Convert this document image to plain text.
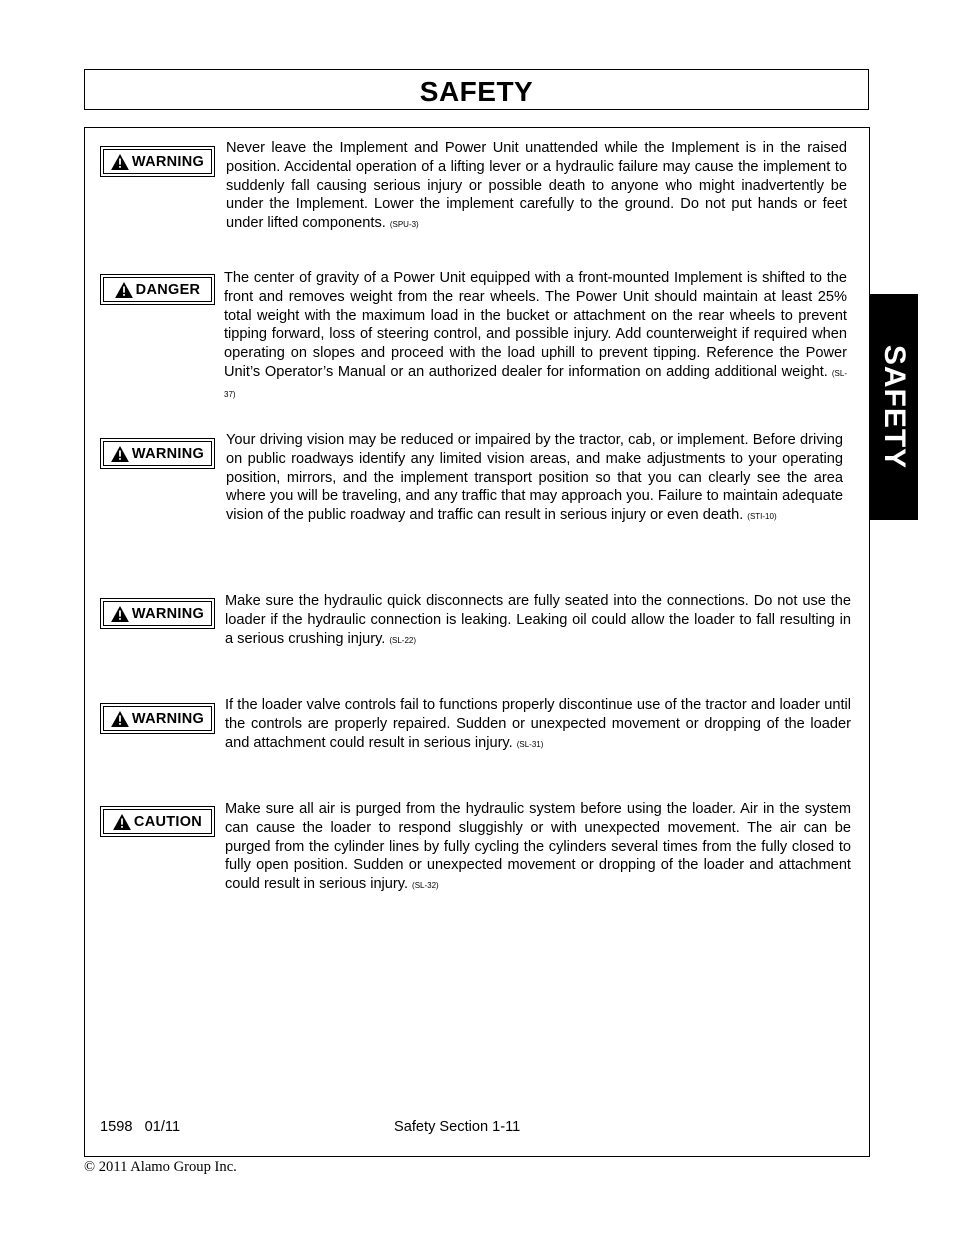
SAFETY
SAFETY
WARNING
Never leave the Implement and Power Unit unattended while the Implement is in the raised position. Accidental operation of a lifting lever or a hydraulic failure may cause the implement to suddenly fall causing serious injury or possible death to anyone who might inadvertently be under the Implement. Lower the implement carefully to the ground. Do not put hands or feet under lifted components. (SPU-3)
DANGER
The center of gravity of a Power Unit equipped with a front-mounted Implement is shifted to the front and removes weight from the rear wheels. The Power Unit should maintain at least 25% total weight with the maximum load in the bucket or attachment on the rear wheels to prevent tipping forward, loss of steering control, and possible injury. Add counterweight if required when operating on slopes and proceed with the load uphill to prevent tipping. Reference the Power Unit’s Operator’s Manual or an authorized dealer for information on adding additional weight. (SL-37)
WARNING
Your driving vision may be reduced or impaired by the tractor, cab, or implement. Before driving on public roadways identify any limited vision areas, and make adjustments to your operating position, mirrors, and the implement transport position so that you can clearly see the area where you will be traveling, and any traffic that may approach you. Failure to maintain adequate vision of the public roadway and traffic can result in serious injury or even death. (STI-10)
WARNING
Make sure the hydraulic quick disconnects are fully seated into the connections. Do not use the loader if the hydraulic connection is leaking. Leaking oil could allow the loader to fall resulting in a serious crushing injury. (SL-22)
WARNING
If the loader valve controls fail to functions properly discontinue use of the tractor and loader until the controls are properly repaired. Sudden or unexpected movement or dropping of the loader and attachment could result in serious injury. (SL-31)
CAUTION
Make sure all air is purged from the hydraulic system before using the loader. Air in the system can cause the loader to respond sluggishly or with unexpected movement. The air can be purged from the cylinder lines by fully cycling the cylinders several times from the fully closed to fully open position. Sudden or unexpected movement or dropping of the loader and attachment could result in serious injury. (SL-32)
1598   01/11	Safety Section 1-11
© 2011 Alamo Group Inc.
